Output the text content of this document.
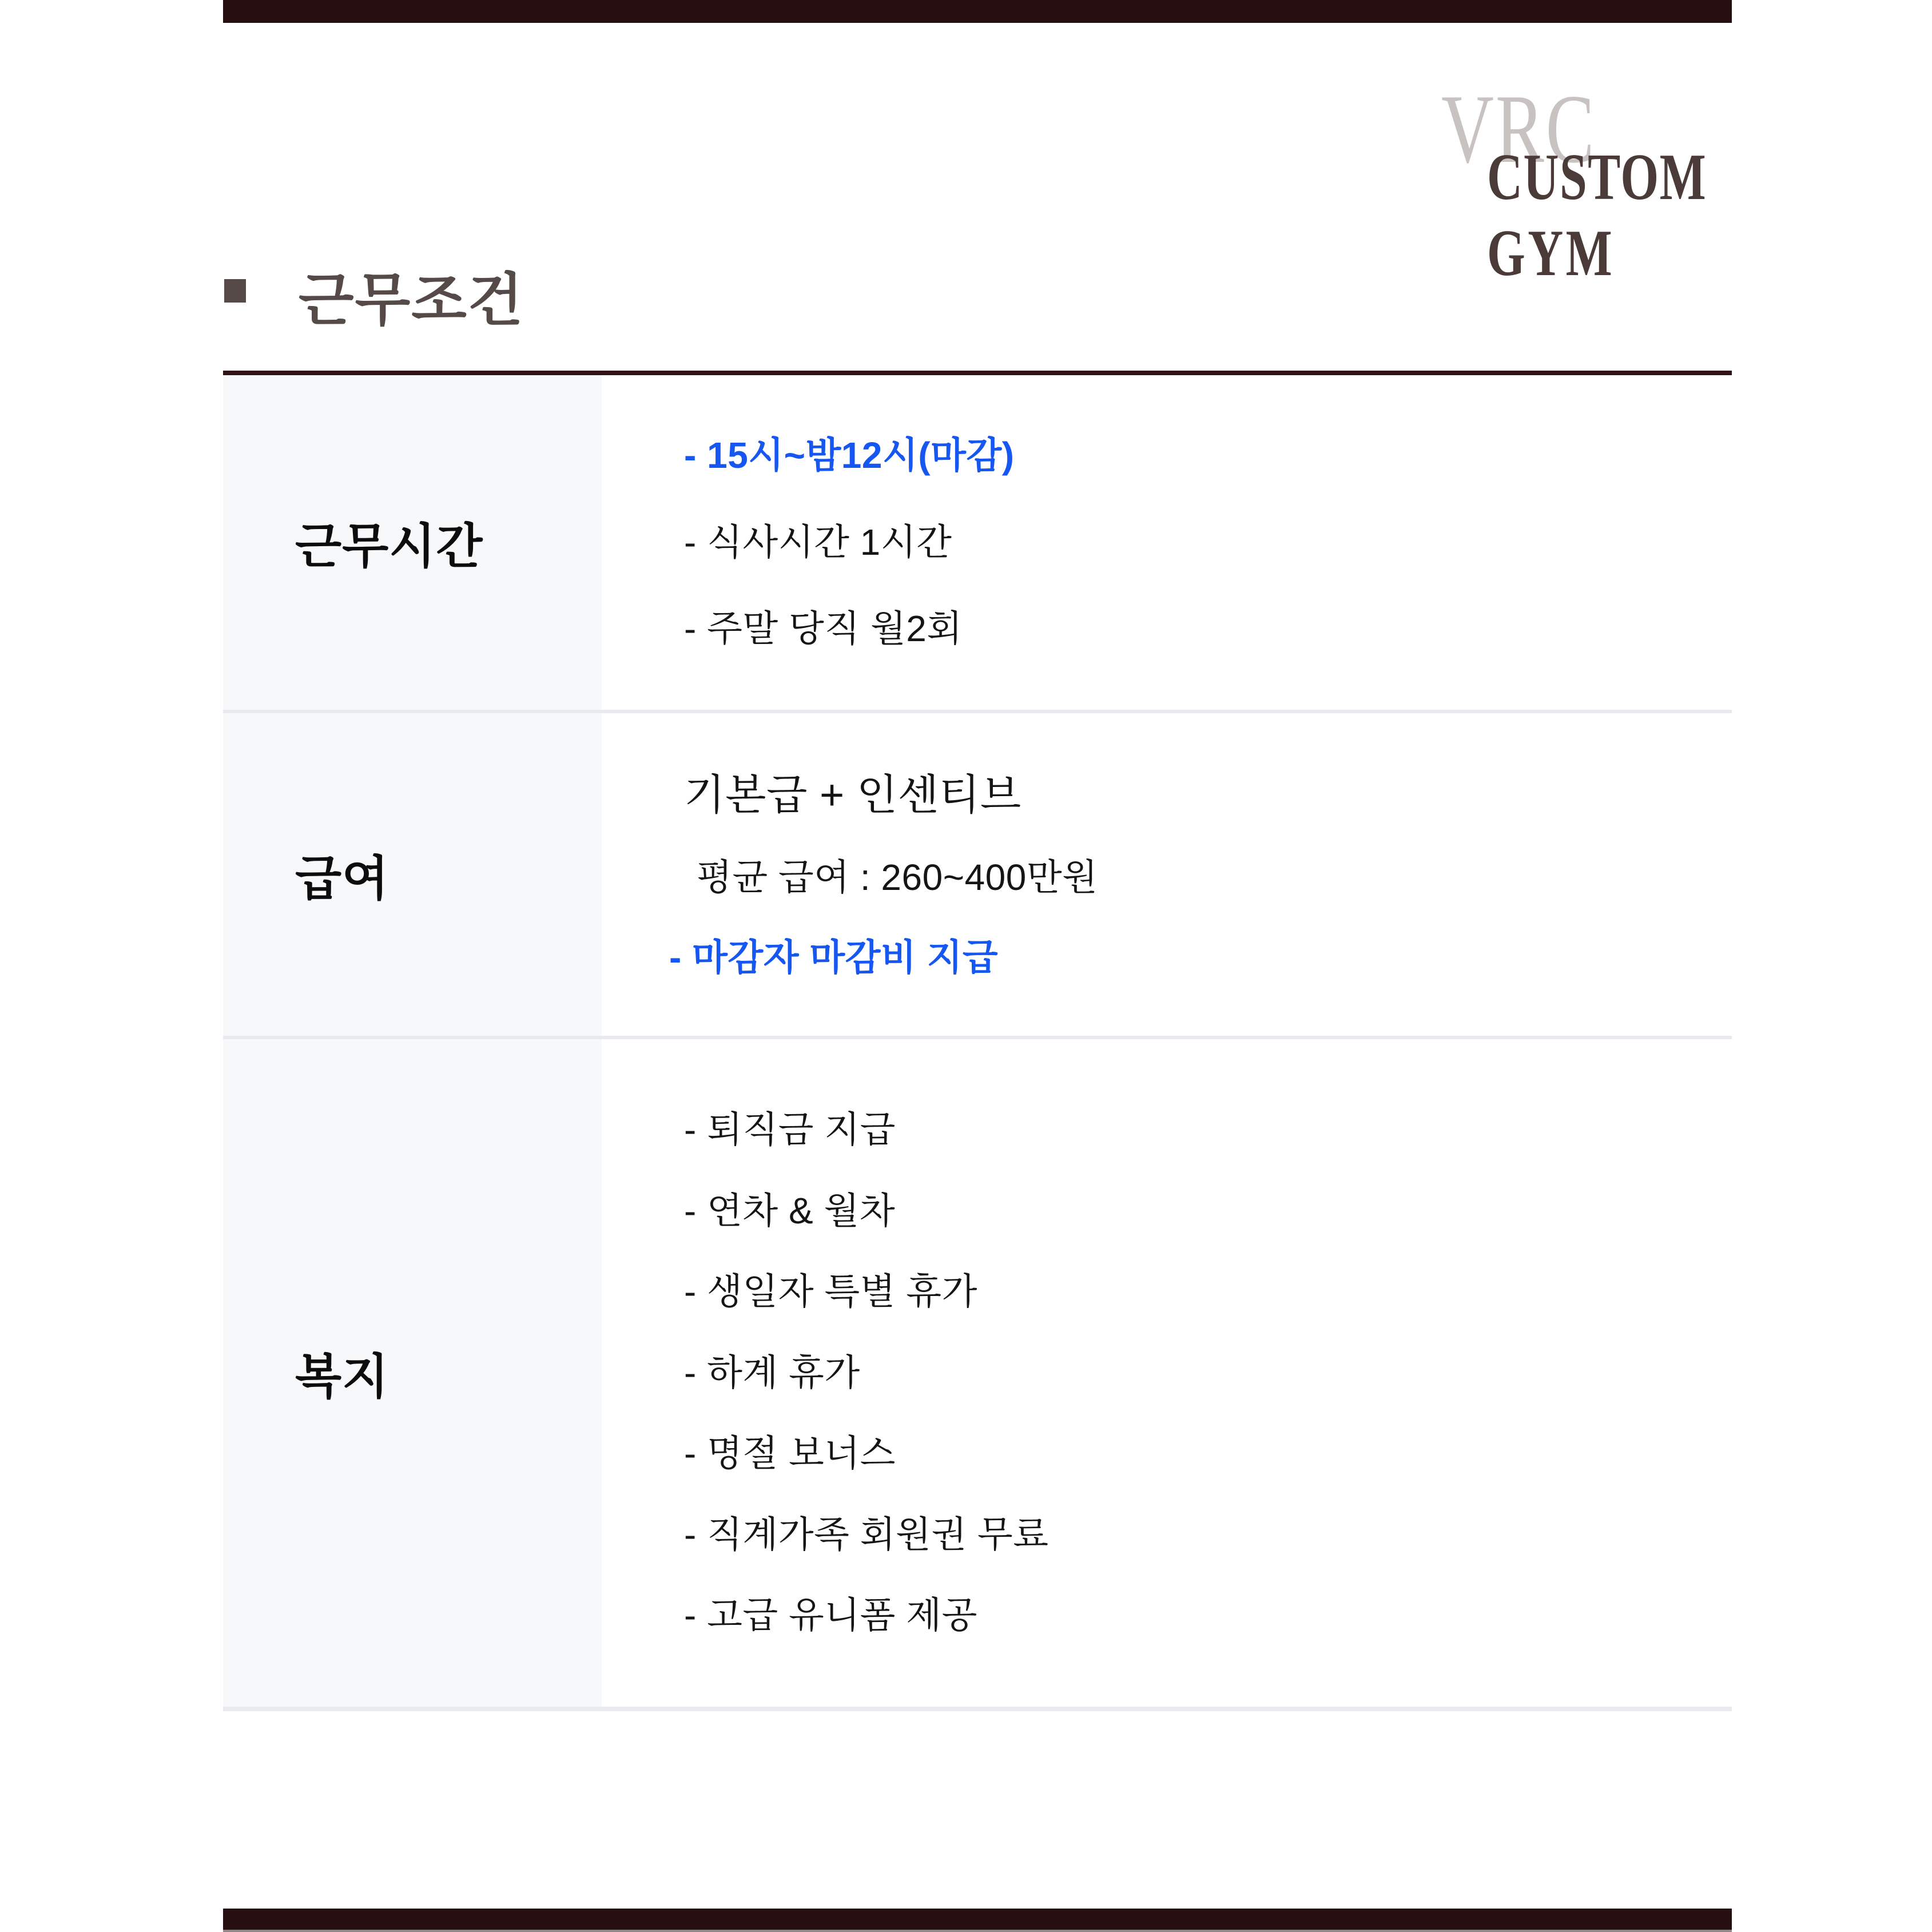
VRC
CUSTOM
GYM
근무조건
근무시간
- 15시~밤12시(마감)
- 식사시간 1시간
- 주말 당직 월2회
급여
기본급 + 인센티브
평균 급여 : 260~400만원
- 마감자 마감비 지급
복지
- 퇴직금 지급
- 연차 & 월차
- 생일자 특별 휴가
- 하계 휴가
- 명절 보너스
- 직계가족 회원권 무료
- 고급 유니폼 제공
